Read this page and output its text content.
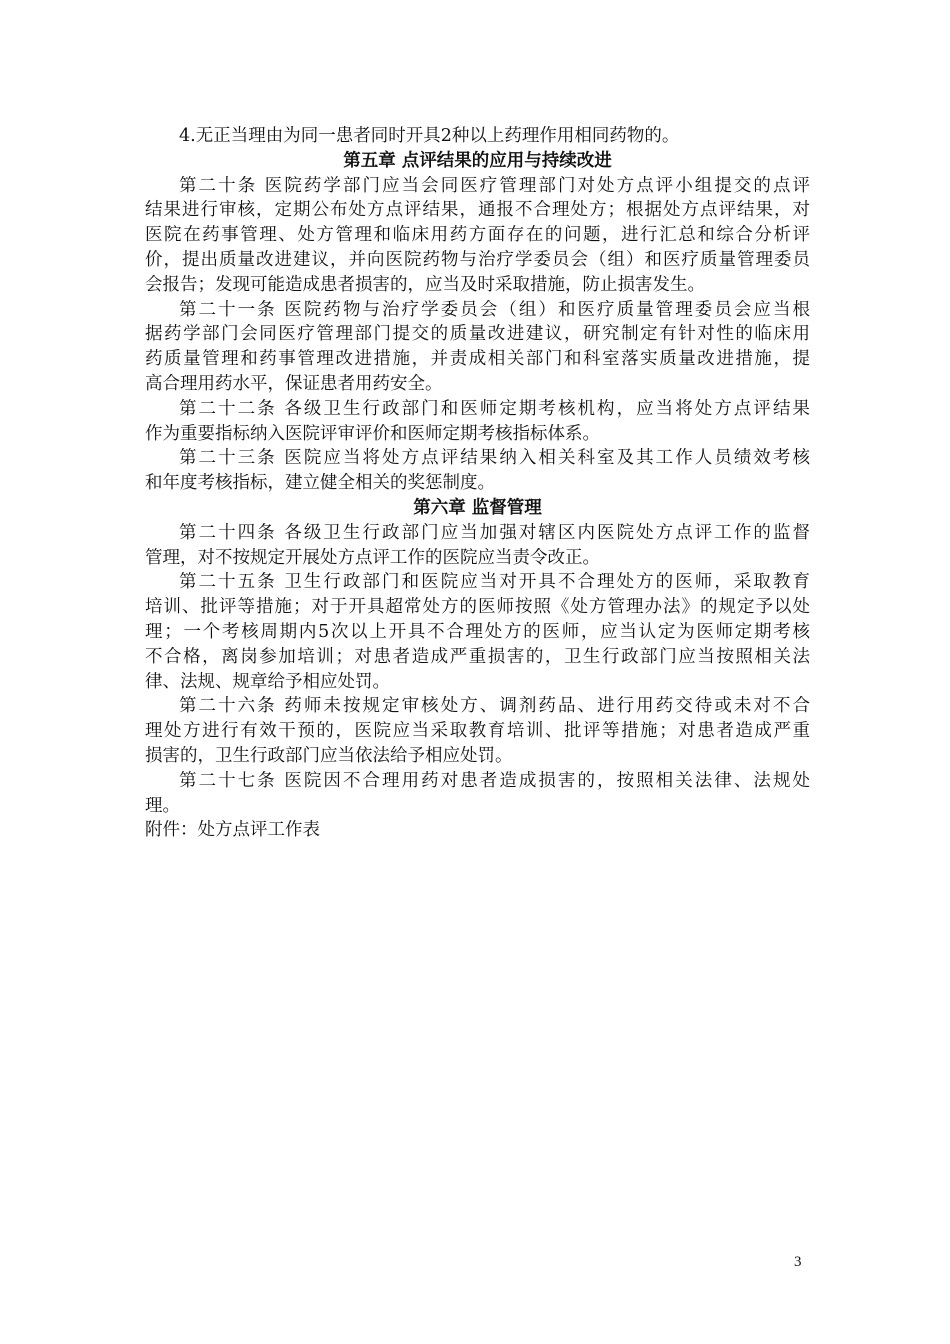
4.无正当理由为同一患者同时开具2种以上药理作用相同药物的。
第五章 点评结果的应用与持续改进
第二十条 医院药学部门应当会同医疗管理部门对处方点评小组提交的点评
结果进行审核，定期公布处方点评结果，通报不合理处方；根据处方点评结果，对
医院在药事管理、处方管理和临床用药方面存在的问题，进行汇总和综合分析评
价，提出质量改进建议，并向医院药物与治疗学委员会（组）和医疗质量管理委员
会报告；发现可能造成患者损害的，应当及时采取措施，防止损害发生。
第二十一条 医院药物与治疗学委员会（组）和医疗质量管理委员会应当根
据药学部门会同医疗管理部门提交的质量改进建议，研究制定有针对性的临床用
药质量管理和药事管理改进措施，并责成相关部门和科室落实质量改进措施，提
高合理用药水平，保证患者用药安全。
第二十二条 各级卫生行政部门和医师定期考核机构，应当将处方点评结果
作为重要指标纳入医院评审评价和医师定期考核指标体系。
第二十三条 医院应当将处方点评结果纳入相关科室及其工作人员绩效考核
和年度考核指标，建立健全相关的奖惩制度。
第六章 监督管理
第二十四条 各级卫生行政部门应当加强对辖区内医院处方点评工作的监督
管理，对不按规定开展处方点评工作的医院应当责令改正。
第二十五条 卫生行政部门和医院应当对开具不合理处方的医师，采取教育
培训、批评等措施；对于开具超常处方的医师按照《处方管理办法》的规定予以处
理；一个考核周期内5次以上开具不合理处方的医师，应当认定为医师定期考核
不合格，离岗参加培训；对患者造成严重损害的，卫生行政部门应当按照相关法
律、法规、规章给予相应处罚。
第二十六条 药师未按规定审核处方、调剂药品、进行用药交待或未对不合
理处方进行有效干预的，医院应当采取教育培训、批评等措施；对患者造成严重
损害的，卫生行政部门应当依法给予相应处罚。
第二十七条 医院因不合理用药对患者造成损害的，按照相关法律、法规处
理。
附件：处方点评工作表
3
